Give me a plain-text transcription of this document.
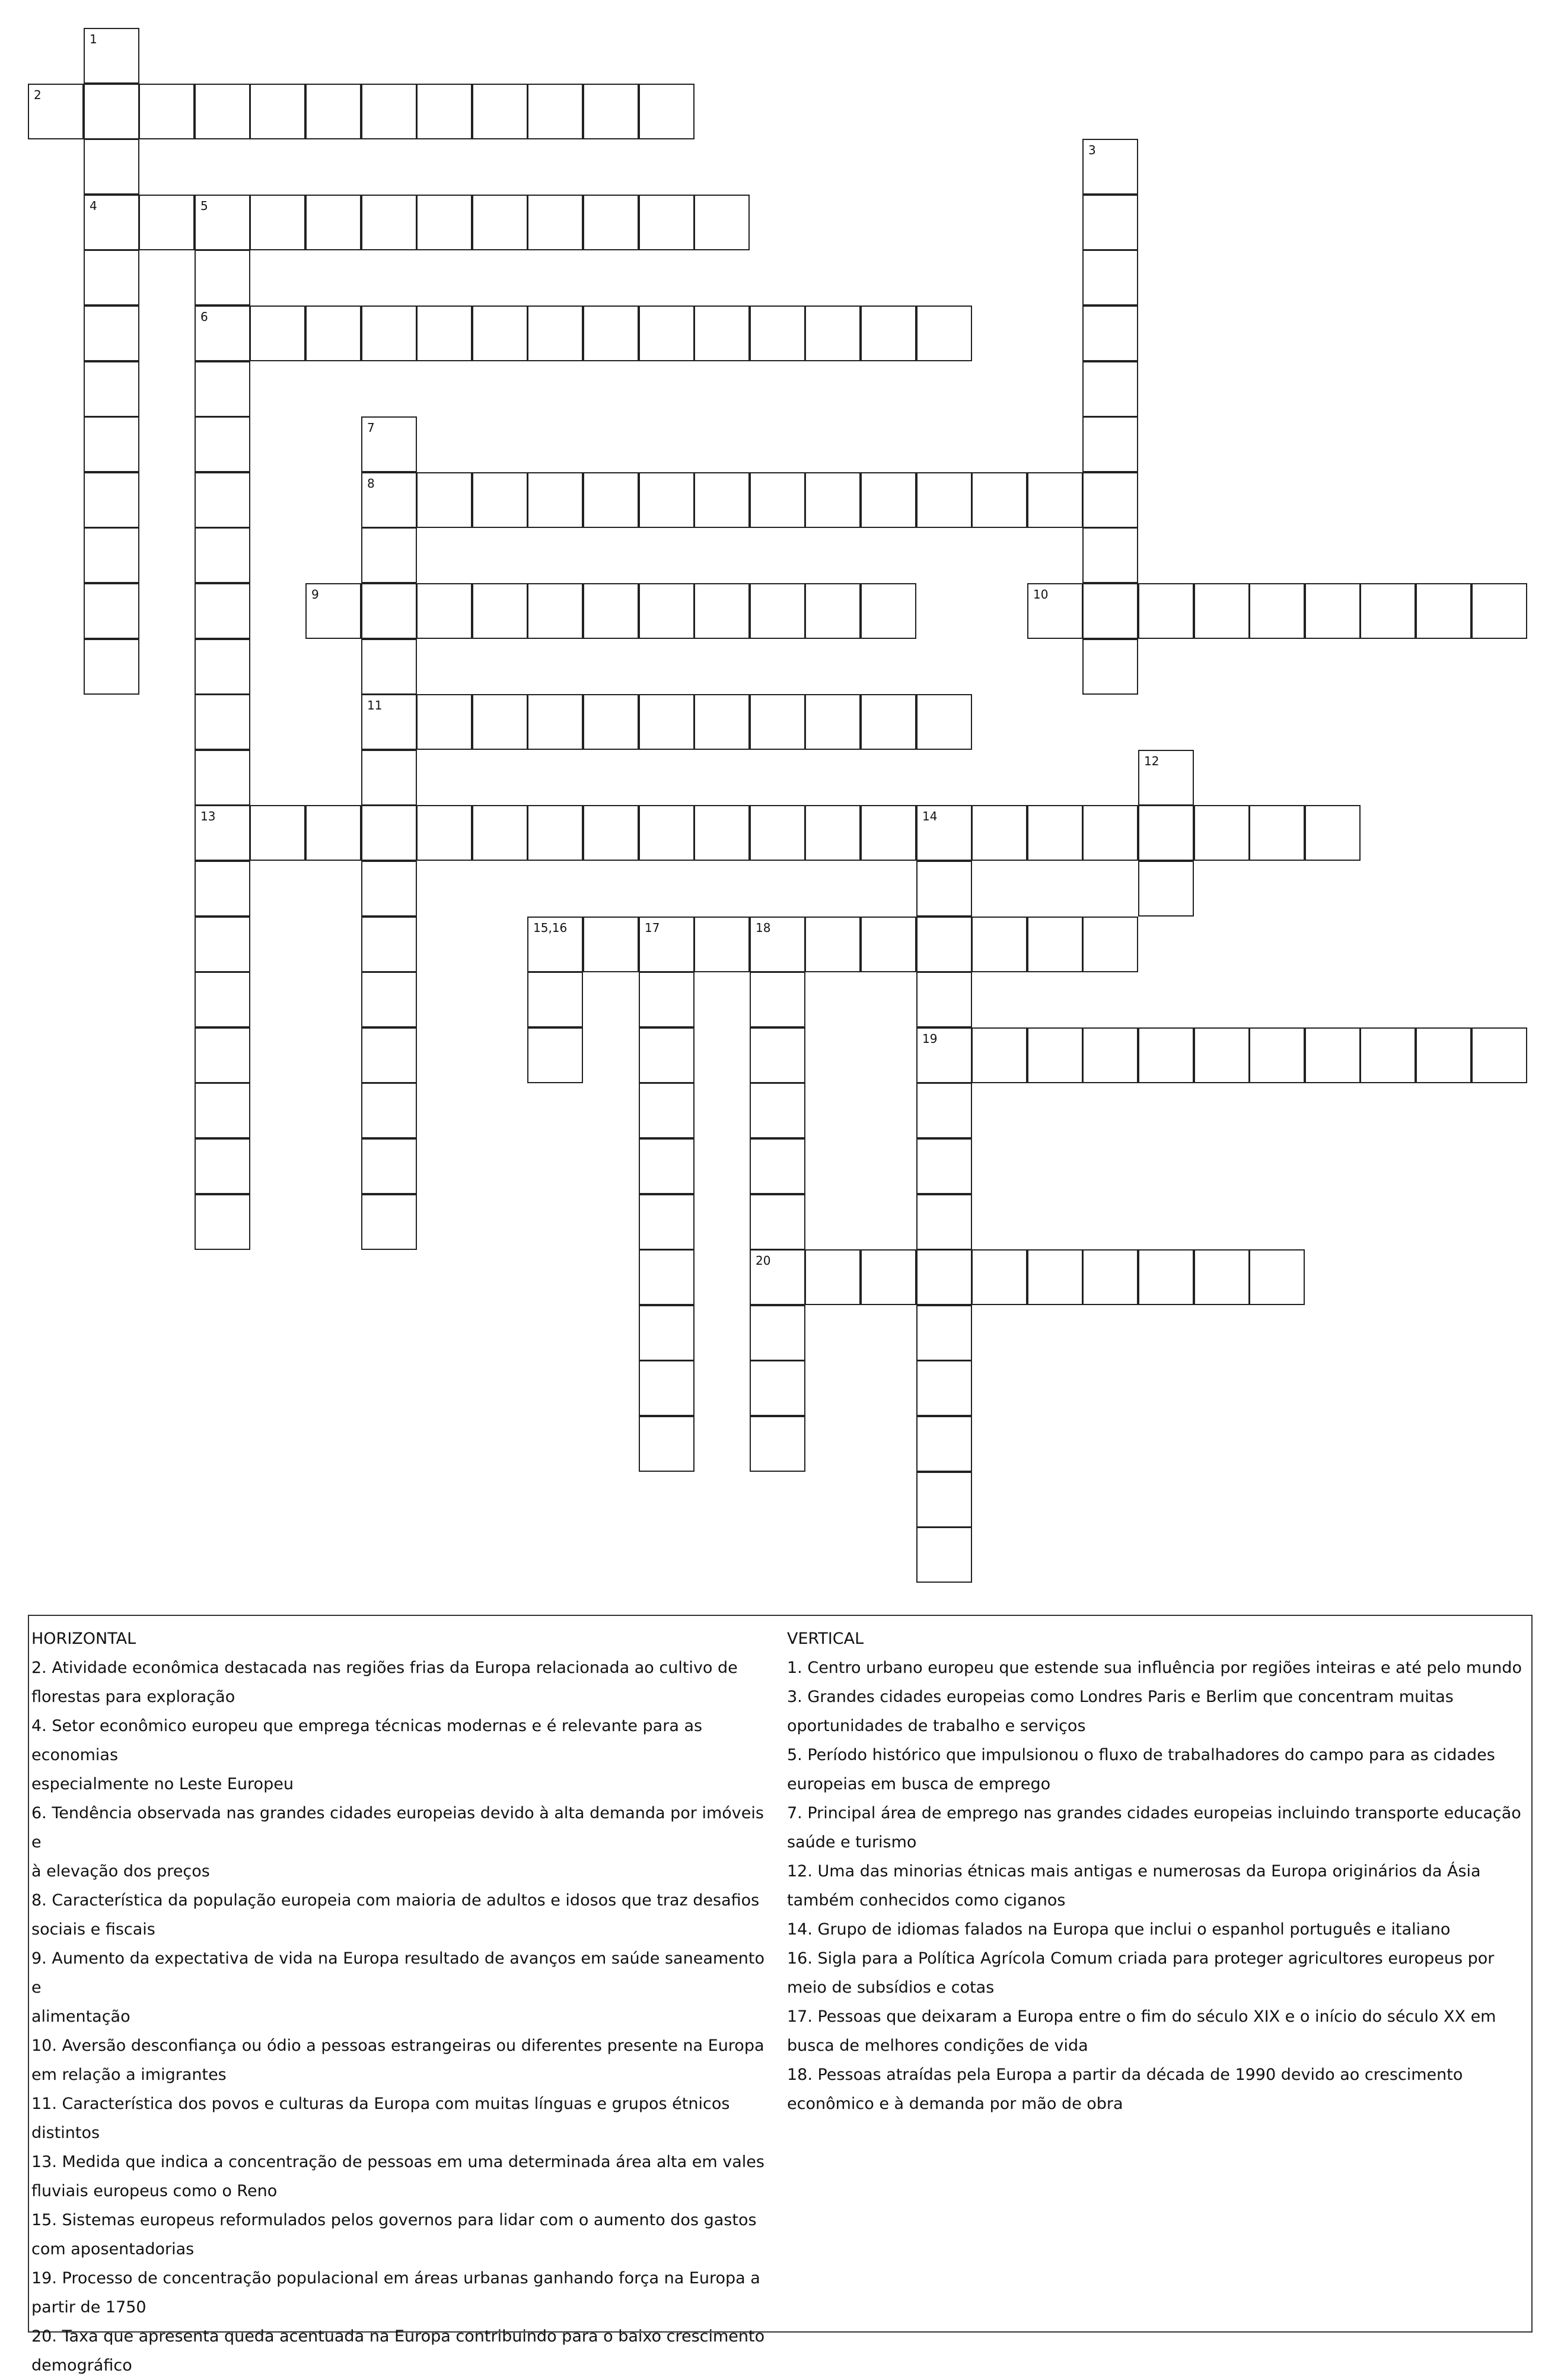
1
2
3
4	5
6
7
8
9	10
11
12
13	14
15,16	17	18
19
20
HORIZONTAL
2. Atividade econômica destacada nas regiões frias da Europa relacionada ao cultivo de
florestas para exploração
4. Setor econômico europeu que emprega técnicas modernas e é relevante para as economias
especialmente no Leste Europeu
6. Tendência observada nas grandes cidades europeias devido à alta demanda por imóveis e
à elevação dos preços
8. Característica da população europeia com maioria de adultos e idosos que traz desafios
sociais e fiscais
9. Aumento da expectativa de vida na Europa resultado de avanços em saúde saneamento e
alimentação
10. Aversão desconfiança ou ódio a pessoas estrangeiras ou diferentes presente na Europa
em relação a imigrantes
11. Característica dos povos e culturas da Europa com muitas línguas e grupos étnicos
distintos
13. Medida que indica a concentração de pessoas em uma determinada área alta em vales
fluviais europeus como o Reno
15. Sistemas europeus reformulados pelos governos para lidar com o aumento dos gastos
com aposentadorias
19. Processo de concentração populacional em áreas urbanas ganhando força na Europa a
partir de 1750
20. Taxa que apresenta queda acentuada na Europa contribuindo para o baixo crescimento
demográfico
VERTICAL
1. Centro urbano europeu que estende sua influência por regiões inteiras e até pelo mundo
3. Grandes cidades europeias como Londres Paris e Berlim que concentram muitas
oportunidades de trabalho e serviços
5. Período histórico que impulsionou o fluxo de trabalhadores do campo para as cidades
europeias em busca de emprego
7. Principal área de emprego nas grandes cidades europeias incluindo transporte educação
saúde e turismo
12. Uma das minorias étnicas mais antigas e numerosas da Europa originários da Ásia
também conhecidos como ciganos
14. Grupo de idiomas falados na Europa que inclui o espanhol português e italiano
16. Sigla para a Política Agrícola Comum criada para proteger agricultores europeus por
meio de subsídios e cotas
17. Pessoas que deixaram a Europa entre o fim do século XIX e o início do século XX em
busca de melhores condições de vida
18. Pessoas atraídas pela Europa a partir da década de 1990 devido ao crescimento
econômico e à demanda por mão de obra
